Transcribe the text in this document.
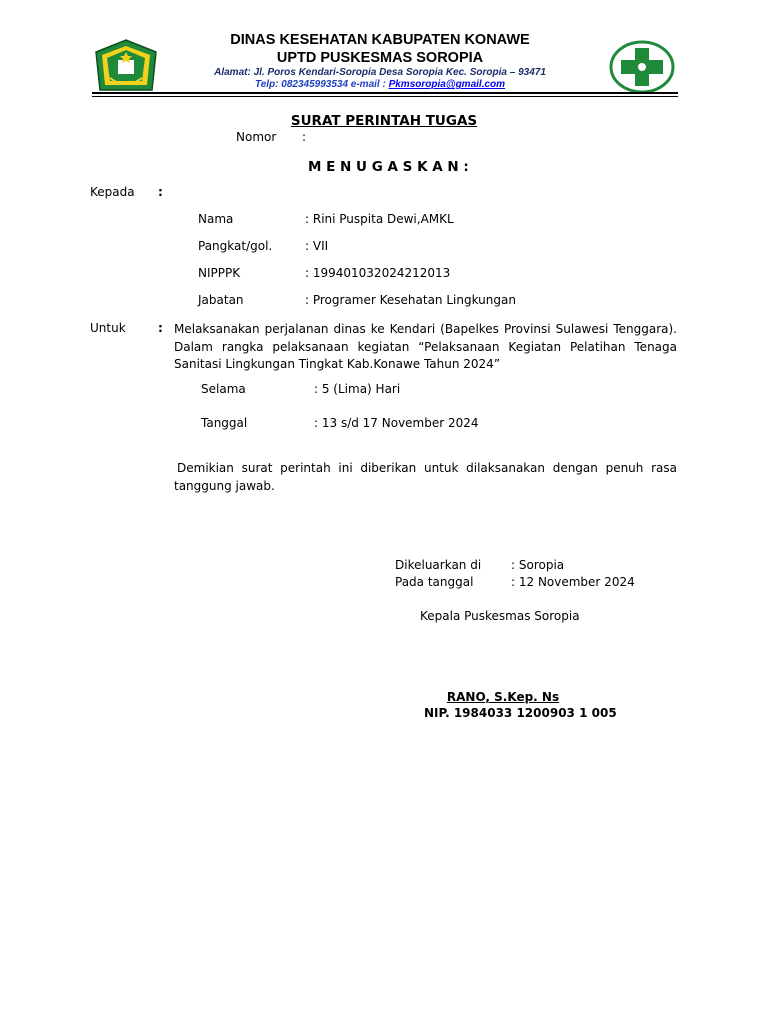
DINAS KESEHATAN KABUPATEN KONAWE
UPTD PUSKESMAS SOROPIA
Alamat: Jl. Poros Kendari-Soropia Desa Soropia Kec. Soropia – 93471
Telp: 082345993534 e-mail : Pkmsoropia@gmail.com
SURAT PERINTAH TUGAS
Nomor :
M E N U G A S K A N :
Kepada :
Nama	: Rini Puspita Dewi,AMKL
Pangkat/gol.	: VII
NIPPPK	: 199401032024212013
Jabatan	: Programer Kesehatan Lingkungan
Untuk	: Melaksanakan perjalanan dinas ke Kendari (Bapelkes Provinsi Sulawesi Tenggara). Dalam rangka pelaksanaan kegiatan “Pelaksanaan Kegiatan Pelatihan Tenaga Sanitasi Lingkungan Tingkat Kab.Konawe Tahun 2024”
Selama	: 5 (Lima) Hari
Tanggal	: 13 s/d 17 November 2024
Demikian surat perintah ini diberikan untuk dilaksanakan dengan penuh rasa tanggung jawab.
Dikeluarkan di : Soropia
Pada tanggal	: 12 November 2024
Kepala Puskesmas Soropia
RANO, S.Kep. Ns
NIP. 1984033 1200903 1 005
